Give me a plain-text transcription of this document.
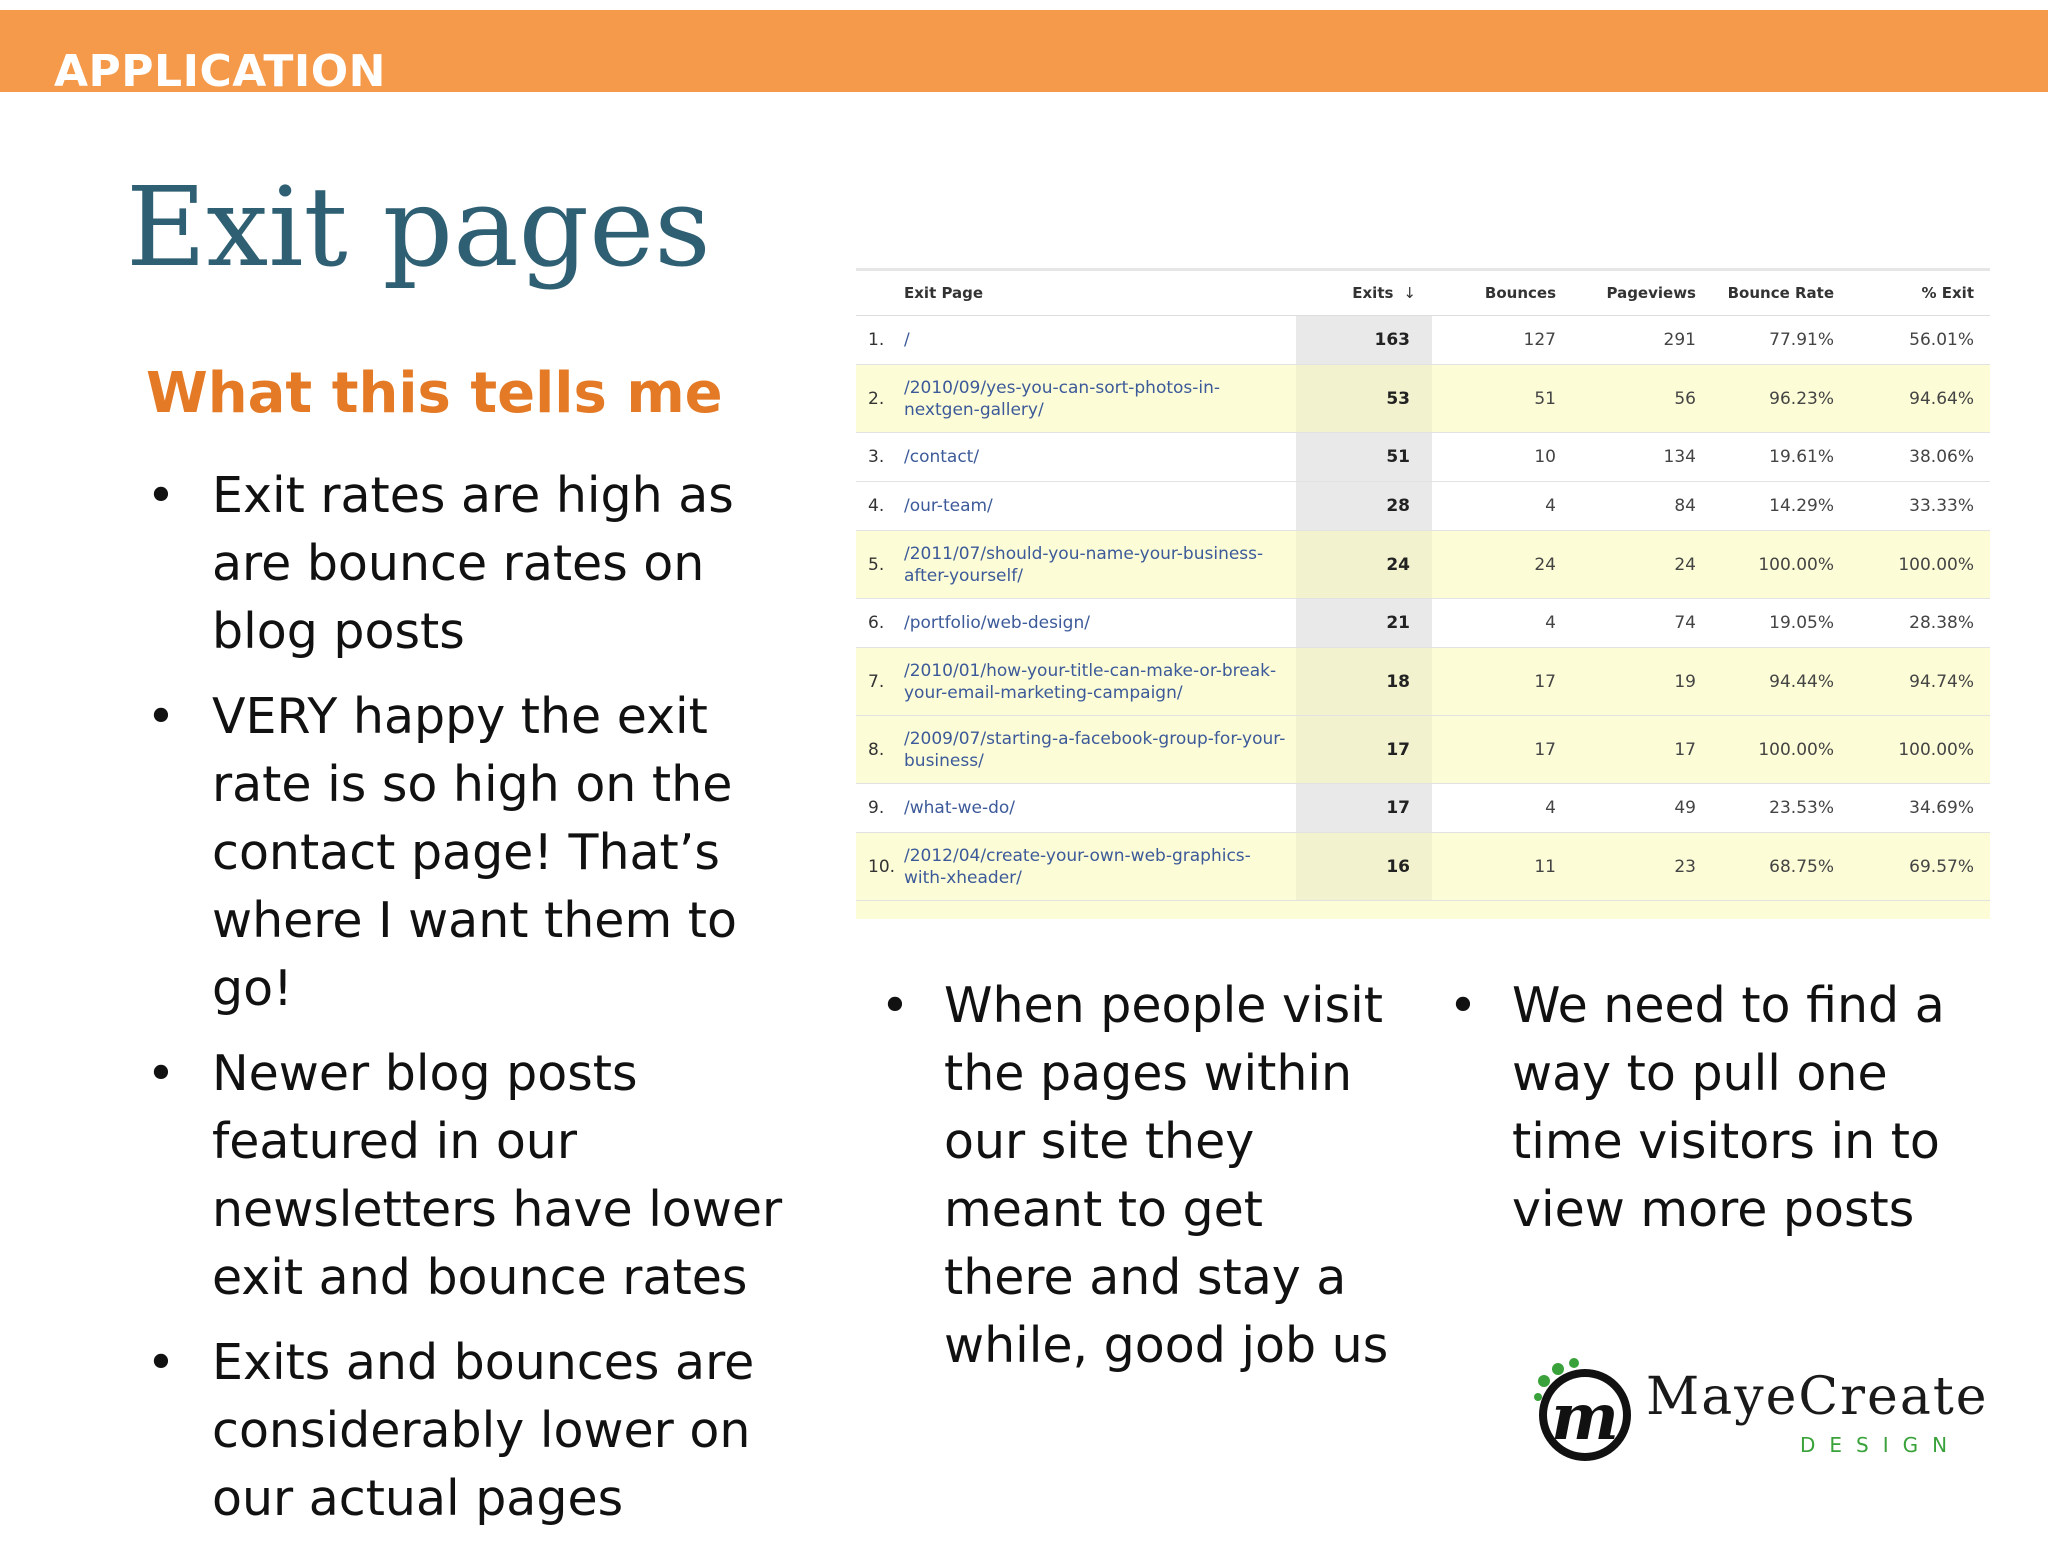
APPLICATION
Exit pages
What this tells me
• Exit rates are high as are bounce rates on blog posts
• VERY happy the exit rate is so high on the contact page! That’s where I want them to go!
• Newer blog posts featured in our newsletters have lower exit and bounce rates
• Exits and bounces are considerably lower on our actual pages
	Exit Page	Exits ↓	Bounces	Pageviews	Bounce Rate	% Exit
1.	/	163	127	291	77.91%	56.01%
2.	/2010/09/yes-you-can-sort-photos-in-nextgen-gallery/	53	51	56	96.23%	94.64%
3.	/contact/	51	10	134	19.61%	38.06%
4.	/our-team/	28	4	84	14.29%	33.33%
5.	/2011/07/should-you-name-your-business-after-yourself/	24	24	24	100.00%	100.00%
6.	/portfolio/web-design/	21	4	74	19.05%	28.38%
7.	/2010/01/how-your-title-can-make-or-break-your-email-marketing-campaign/	18	17	19	94.44%	94.74%
8.	/2009/07/starting-a-facebook-group-for-your-business/	17	17	17	100.00%	100.00%
9.	/what-we-do/	17	4	49	23.53%	34.69%
10.	/2012/04/create-your-own-web-graphics-with-xheader/	16	11	23	68.75%	69.57%
• When people visit the pages within our site they meant to get there and stay a while, good job us
• We need to find a way to pull one time visitors in to view more posts
m MayeCreate
DESIGN
